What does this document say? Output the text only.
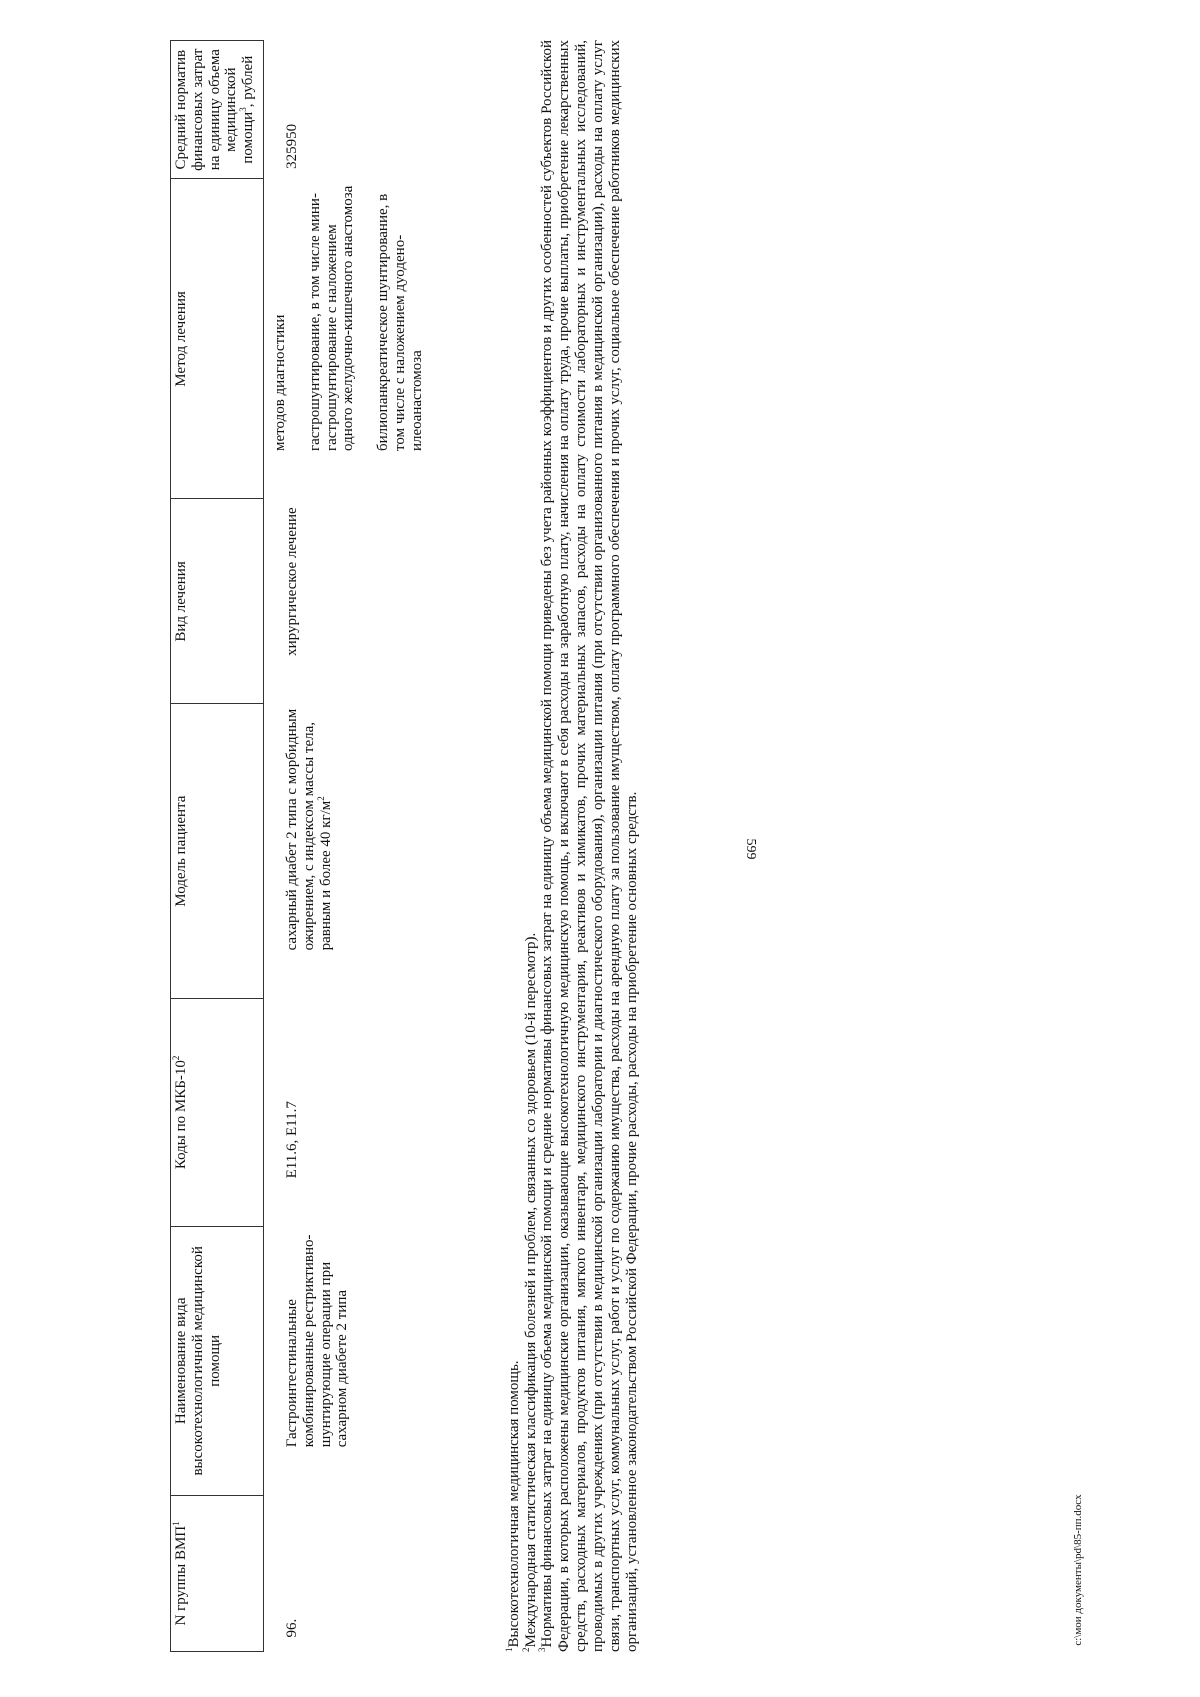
599
N группы ВМП$^1$	Наименование вида высокотехнологичной медицинской помощи	Коды по МКБ-$10^2$	Модель пациента	Вид лечения	Метод лечения	Средний норматив финансовых затрат на единицу объема медицинской помощи$^3$, рублей
96.	Гастроинтестинальные комбинированные рестриктивно-шунтирующие операции при сахарном диабете 2 типа	E11.6, E11.7	сахарный диабет 2 типа с морбидным ожирением, с индексом массы тела, равным и более 40 $кг/м^2$	хирургическое лечение	методов диагностики гастрошунтирование, в том числе мини-гастрошунтирование с наложением одного желудочно-кишечного анастомоза билиопанкреатическое шунтирование, в том числе с наложением дуодено-илеоанастомоза	325950

$^1$Высокотехнологичная медицинская помощь.

$^2$Международная статистическая классификация болезней и проблем, связанных со здоровьем (10-й пересмотр).

$^3$Нормативы финансовых затрат на единицу объема медицинской помощи и средние нормативы финансовых затрат на единицу объема медицинской помощи приведены без учета районных коэффициентов и других особенностей субъектов Российской Федерации, в которых расположены медицинские организации, оказывающие высокотехнологичную медицинскую помощь, и включают в себя расходы на заработную плату, начисления на оплату труда, прочие выплаты, приобретение лекарственных средств, расходных материалов, продуктов питания, мягкого инвентаря, медицинского инструментария, реактивов и химикатов, прочих материальных запасов, расходы на оплату стоимости лабораторных и инструментальных исследований, проводимых в других учреждениях (при отсутствии в медицинской организации лаборатории и диагностического оборудования), организации питания (при отсутствии организованного питания в медицинской организации), расходы на оплату услуг связи, транспортных услуг, коммунальных услуг, работ и услуг по содержанию имущества, расходы на арендную плату за пользование имуществом, оплату программного обеспечения и прочих услуг, социальное обеспечение работников медицинских организаций, установленное законодательством Российской Федерации, прочие расходы, расходы на приобретение основных средств.	c:\мои документы\pd\85-пп.docx
